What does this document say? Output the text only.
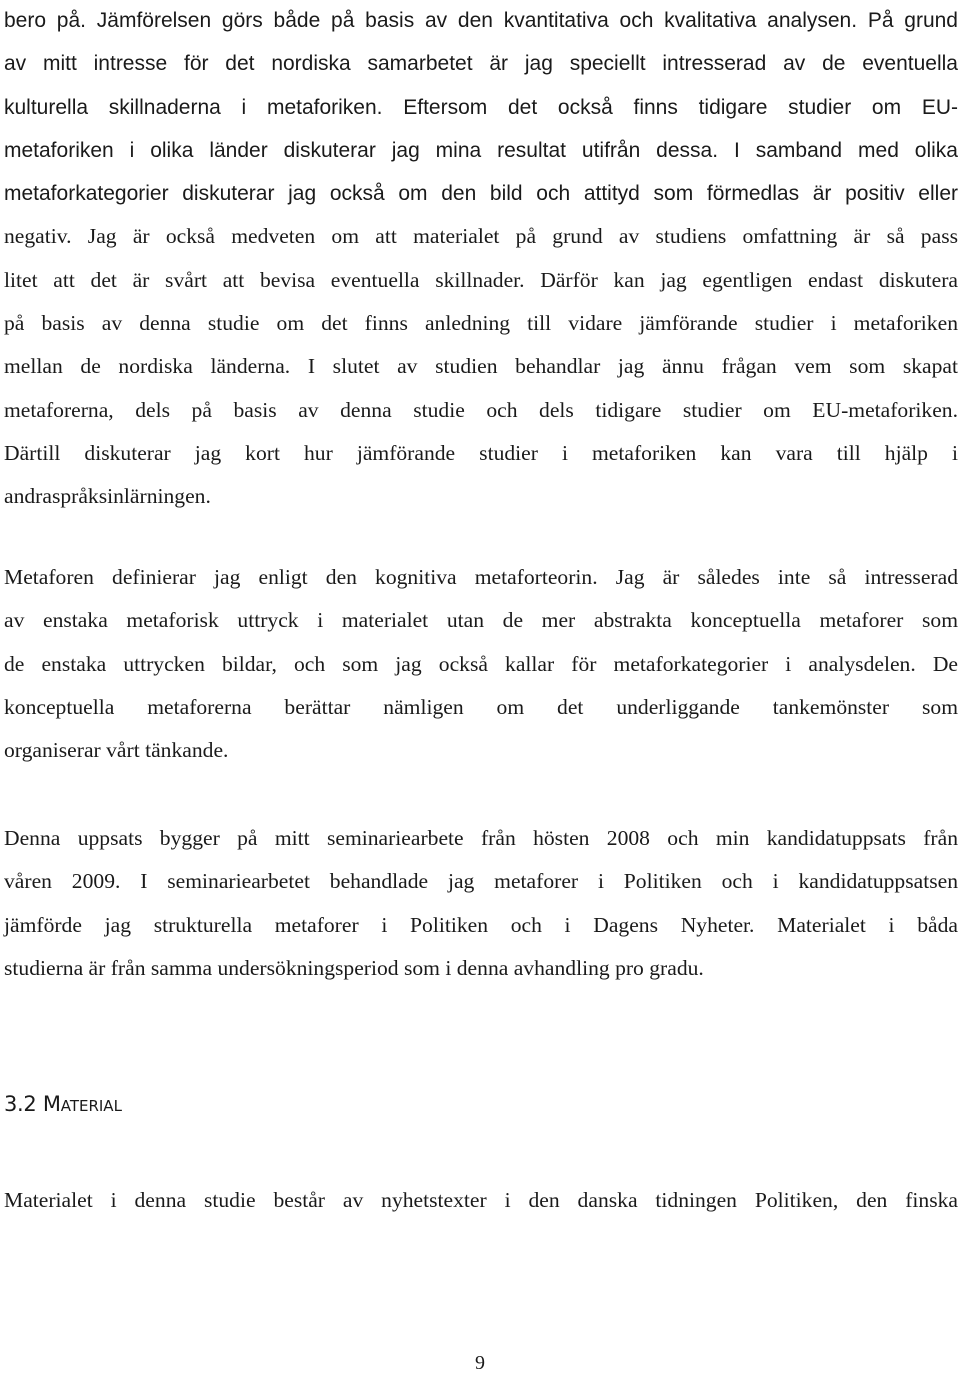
bero på. Jämförelsen görs både på basis av den kvantitativa och kvalitativa analysen. På grund
av mitt intresse för det nordiska samarbetet är jag speciellt intresserad av de eventuella
kulturella skillnaderna i metaforiken. Eftersom det också finns tidigare studier om EU-
metaforiken i olika länder diskuterar jag mina resultat utifrån dessa. I samband med olika
metaforkategorier diskuterar jag också om den bild och attityd som förmedlas är positiv eller
negativ. Jag är också medveten om att materialet på grund av studiens omfattning är så pass
litet att det är svårt att bevisa eventuella skillnader. Därför kan jag egentligen endast diskutera
på basis av denna studie om det finns anledning till vidare jämförande studier i metaforiken
mellan de nordiska länderna. I slutet av studien behandlar jag ännu frågan vem som skapat
metaforerna, dels på basis av denna studie och dels tidigare studier om EU-metaforiken.
Därtill diskuterar jag kort hur jämförande studier i metaforiken kan vara till hjälp i
andraspråksinlärningen.
Metaforen definierar jag enligt den kognitiva metaforteorin. Jag är således inte så intresserad
av enstaka metaforisk uttryck i materialet utan de mer abstrakta konceptuella metaforer som
de enstaka uttrycken bildar, och som jag också kallar för metaforkategorier i analysdelen. De
konceptuella metaforerna berättar nämligen om det underliggande tankemönster som
organiserar vårt tänkande.
Denna uppsats bygger på mitt seminariearbete från hösten 2008 och min kandidatuppsats från
våren 2009. I seminariearbetet behandlade jag metaforer i Politiken och i kandidatuppsatsen
jämförde jag strukturella metaforer i Politiken och i Dagens Nyheter. Materialet i båda
studierna är från samma undersökningsperiod som i denna avhandling pro gradu.
3.2 MATERIAL
Materialet i denna studie består av nyhetstexter i den danska tidningen Politiken, den finska
9
